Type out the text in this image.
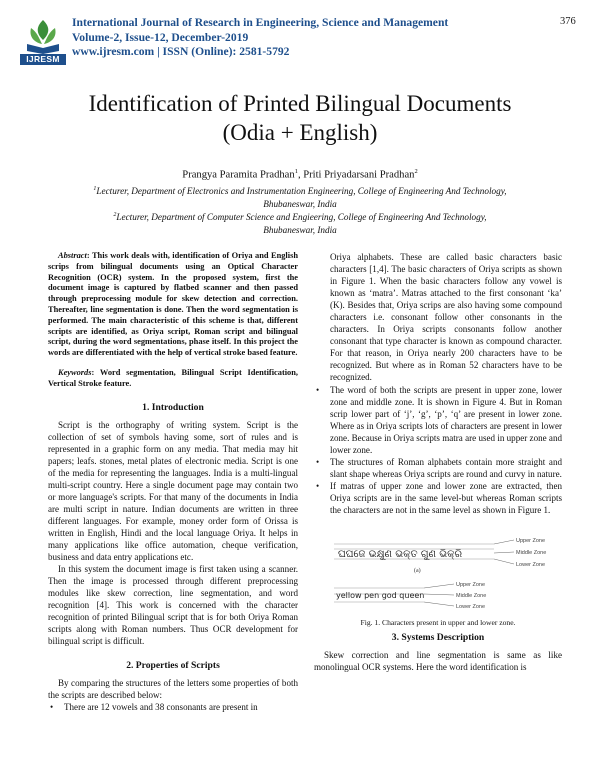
IJRESM
International Journal of Research in Engineering, Science and Management
Volume-2, Issue-12, December-2019
www.ijresm.com | ISSN (Online): 2581-5792
376
Identification of Printed Bilingual Documents
(Odia + English)
Prangya Paramita Pradhan$^1$, Priti Priyadarsani Pradhan$^2$
$^1$Lecturer, Department of Electronics and Instrumentation Engineering, College of Engineering And Technology,
Bhubaneswar, India
$^2$Lecturer, Department of Computer Science and Engieering, College of Engineering And Technology,
Bhubaneswar, India

Abstract: This work deals with, identification of Oriya and English scrips from bilingual documents using an Optical Character Recognition (OCR) system. In the proposed system, first the document image is captured by flatbed scanner and then passed through preprocessing module for skew detection and correction. Thereafter, line segmentation is done. Then the word segmentation is performed. The main characteristic of this scheme is that, different scripts are identified, as Oriya script, Roman script and bilingual script, during the word segmentations, phase itself. In this project the words are differentiated with the help of vertical stroke based feature.

Keywords: Word segmentation, Bilingual Script Identification, Vertical Stroke feature.

1. Introduction

Script is the orthography of writing system. Script is the collection of set of symbols having some, sort of rules and is represented in a graphic form on any media. That media may hit papers; leafs. stones, metal plates of electronic media. Script is one of the media for representing the languages. India is a multi-lingual multi-script country. Here a single document page may contain two or more language's scripts. For that many of the documents in India are multi script in nature. Indian documents are written in three different languages. For example, money order form of Orissa is written in English, Hindi and the local language Oriya. It helps in many applications like office automation, cheque verification, business and data entry applications etc.

In this system the document image is first taken using a scanner. Then the image is processed through different preprocessing modules like skew correction, line segmentation, and word recognition [4]. This work is concerned with the character recognition of printed Bilingual script that is for both Oriya Roman scripts along with Roman numbers. Thus OCR development for bilingual script is difficult.

2. Properties of Scripts

By comparing the structures of the letters some properties of both the scripts are described below:

• There are 12 vowels and 38 consonants are present in

Oriya alphabets. These are called basic characters basic characters [1,4]. The basic characters of Oriya scripts as shown in Figure 1. When the basic characters follow any vowel is known as ‘matra’. Matras attached to the first consonant ‘ka’ (K). Besides that, Oriya scrips are also having some compound characters i.e. consonant follow other consonants in the characters. In Oriya scripts consonants follow another consonant that type character is known as compound character. For that reason, in Oriya nearly 200 characters have to be recognized. But where as in Roman 52 characters have to be recognized.

• The word of both the scripts are present in upper zone, lower zone and middle zone. It is shown in Figure 4. But in Roman scrip lower part of ‘j’, ‘g’, ‘p’, ‘q’ are present in lower zone. Where as in Oriya scripts lots of characters are present in lower zone. Because in Oriya scripts matra are used in upper zone and lower zone.
• The structures of Roman alphabets contain more straight and slant shape whereas Oriya scripts are round and curvy in nature.
• If matras of upper zone and lower zone are extracted, then Oriya scripts are in the same level-but whereas Roman scripts the characters are not in the same level as shown in Figure 1.
ଘଘଜେ ଭକ୍ଷୁଣ ଭକ୍ତ ଗୁଣ ଭିକ୍ରି
Upper Zone
Middle Zone
Lower Zone
(a)
yellow pen god queen
Upper Zone
Middle Zone
Lower Zone
Fig. 1. Characters present in upper and lower zone.
3. Systems Description

Skew correction and line segmentation is same as like monolingual OCR systems. Here the word identification is
